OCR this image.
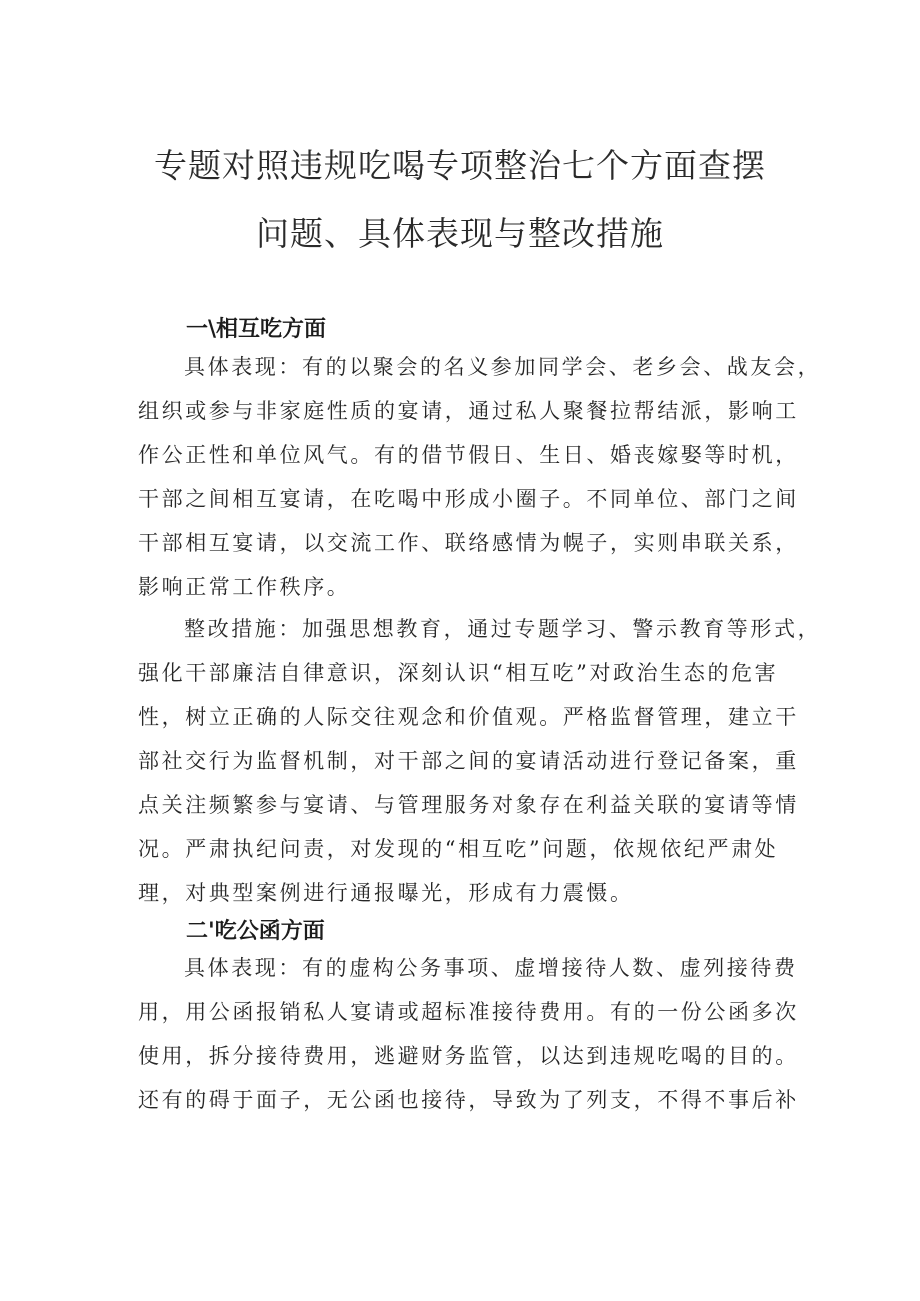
专题对照违规吃喝专项整治七个方面查摆
问题、具体表现与整改措施
一\相互吃方面
具体表现：有的以聚会的名义参加同学会、老乡会、战友会，
组织或参与非家庭性质的宴请，通过私人聚餐拉帮结派，影响工
作公正性和单位风气。有的借节假日、生日、婚丧嫁娶等时机，
干部之间相互宴请，在吃喝中形成小圈子。不同单位、部门之间
干部相互宴请，以交流工作、联络感情为幌子，实则串联关系，
影响正常工作秩序。
整改措施：加强思想教育，通过专题学习、警示教育等形式，
强化干部廉洁自律意识，深刻认识“相互吃”对政治生态的危害
性，树立正确的人际交往观念和价值观。严格监督管理，建立干
部社交行为监督机制，对干部之间的宴请活动进行登记备案，重
点关注频繁参与宴请、与管理服务对象存在利益关联的宴请等情
况。严肃执纪问责，对发现的“相互吃”问题，依规依纪严肃处
理，对典型案例进行通报曝光，形成有力震慑。
二'吃公函方面
具体表现：有的虚构公务事项、虚增接待人数、虚列接待费
用，用公函报销私人宴请或超标准接待费用。有的一份公函多次
使用，拆分接待费用，逃避财务监管，以达到违规吃喝的目的。
还有的碍于面子，无公函也接待，导致为了列支，不得不事后补
